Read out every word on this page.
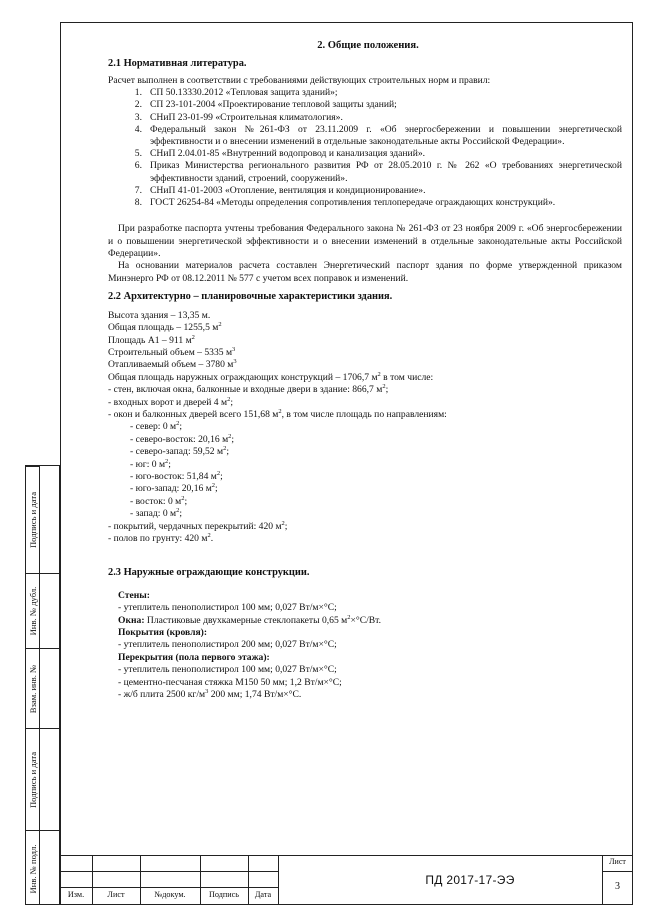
2. Общие положения.
2.1 Нормативная литература.

Расчет выполнен в соответствии с требованиями действующих строительных норм и правил:

1. СП 50.13330.2012 «Тепловая защита зданий»;
2. СП 23-101-2004 «Проектирование тепловой защиты зданий;
3. СНиП 23-01-99 «Строительная климатология».
4. Федеральный закон №261-ФЗ от 23.11.2009 г. «Об энергосбережении и повышении энергетической эффективности и о внесении изменений в отдельные законодательные акты Российской Федерации».
5. СНиП 2.04.01-85 «Внутренний водопровод и канализация зданий».
6. Приказ Министерства регионального развития РФ от 28.05.2010 г. № 262 «О требованиях энергетической эффективности зданий, строений, сооружений».
7. СНиП 41-01-2003 «Отопление, вентиляция и кондиционирование».
8. ГОСТ 26254-84 «Методы определения сопротивления теплопередаче ограждающих конструкций».

При разработке паспорта учтены требования Федерального закона № 261-ФЗ от 23 ноября 2009 г. «Об энергосбережении и о повышении энергетической эффективности и о внесении изменений в отдельные законодательные акты Российской Федерации».

На основании материалов расчета составлен Энергетический паспорт здания по форме утвержденной приказом Минэнерго РФ от 08.12.2011 № 577 с учетом всех поправок и изменений.

2.2 Архитектурно – планировочные характеристики здания.

Высота здания – 13,35 м.

Общая площадь – 1255,5 $м^2$

Площадь А1 – 911 $м^2$

Строительный объем – 5335 $м^3$

Отапливаемый объем – 3780 $м^3$

Общая площадь наружных ограждающих конструкций – 1706,7 $м^2$ в том числе:

- стен, включая окна, балконные и входные двери в здание: 866,7 $м^2$;

- входных ворот и дверей 4 $м^2$;

- окон и балконных дверей всего 151,68 $м^2$, в том числе площадь по направлениям:

- север: 0 $м^2$;

- северо-восток: 20,16 $м^2$;

- северо-запад: 59,52 $м^2$;

- юг: 0 $м^2$;

- юго-восток: 51,84 $м^2$;

- юго-запад: 20,16 $м^2$;

- восток: 0 $м^2$;

- запад: 0 $м^2$;

- покрытий, чердачных перекрытий: 420 $м^2$;

- полов по грунту: 420 $м^2$.

2.3 Наружные ограждающие конструкции.

Стены:

- утеплитель пенополистирол 100 мм; 0,027 Вт/м×°С;

Окна: Пластиковые двухкамерные стеклопакеты 0,65 $м^2\times^\circ С/Вт$.

Покрытия (кровля):

- утеплитель пенополистирол 200 мм; 0,027 Вт/м×°С;

Перекрытия (пола первого этажа):

- утеплитель пенополистирол 100 мм; 0,027 Вт/м×°С;

- цементно-песчаная стяжка М150 50 мм; 1,2 Вт/м×°С;

- ж/б плита 2500 $кг/м^3$ 200 мм; 1,74 Вт/м×°С.

Подпись и дата
Инв. № дубл.
Взам. инв. №
Подпись и дата
Инв. № подл.
Изм.	Лист	№докум.	Подпись	Дата
ПД 2017-17-ЭЭ
Лист
3
